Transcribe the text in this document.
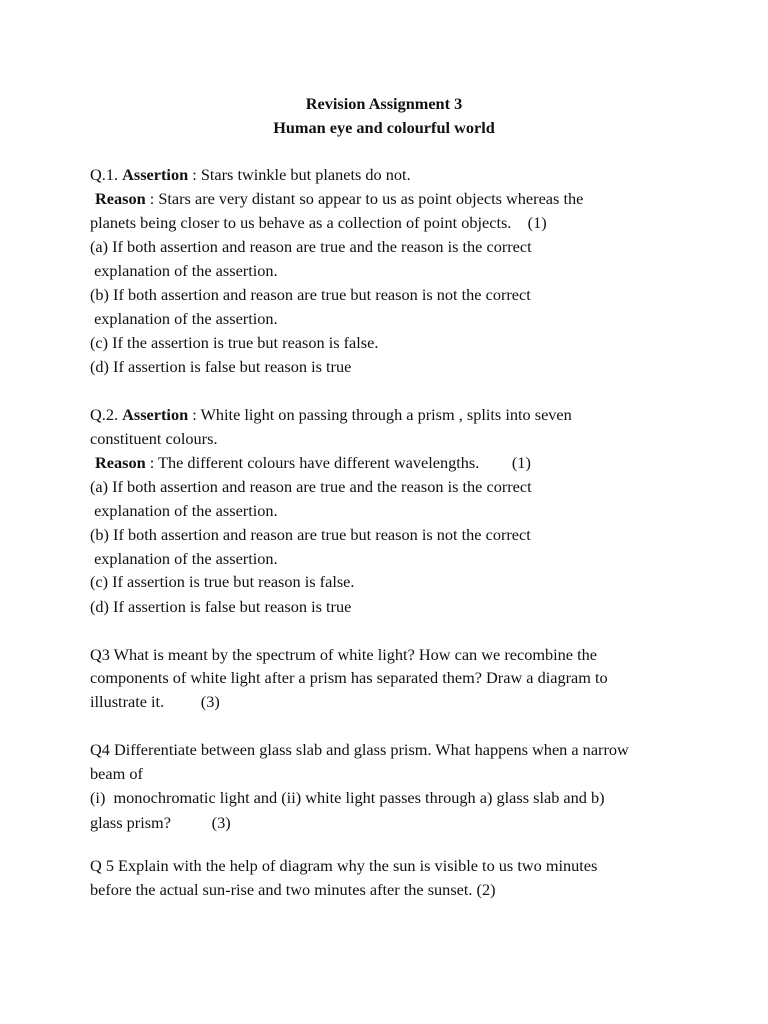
Revision Assignment 3
Human eye and colourful world
Q.1. Assertion : Stars twinkle but planets do not.
Reason : Stars are very distant so appear to us as point objects whereas the
planets being closer to us behave as a collection of point objects.    (1)
(a) If both assertion and reason are true and the reason is the correct
explanation of the assertion.
(b) If both assertion and reason are true but reason is not the correct
explanation of the assertion.
(c) If the assertion is true but reason is false.
(d) If assertion is false but reason is true
Q.2. Assertion : White light on passing through a prism , splits into seven
constituent colours.
Reason : The different colours have different wavelengths.        (1)
(a) If both assertion and reason are true and the reason is the correct
explanation of the assertion.
(b) If both assertion and reason are true but reason is not the correct
explanation of the assertion.
(c) If assertion is true but reason is false.
(d) If assertion is false but reason is true
Q3 What is meant by the spectrum of white light? How can we recombine the
components of white light after a prism has separated them? Draw a diagram to
illustrate it.         (3)
Q4 Differentiate between glass slab and glass prism. What happens when a narrow
beam of
(i)  monochromatic light and (ii) white light passes through a) glass slab and b)
glass prism?          (3)
Q 5 Explain with the help of diagram why the sun is visible to us two minutes
before the actual sun-rise and two minutes after the sunset. (2)
